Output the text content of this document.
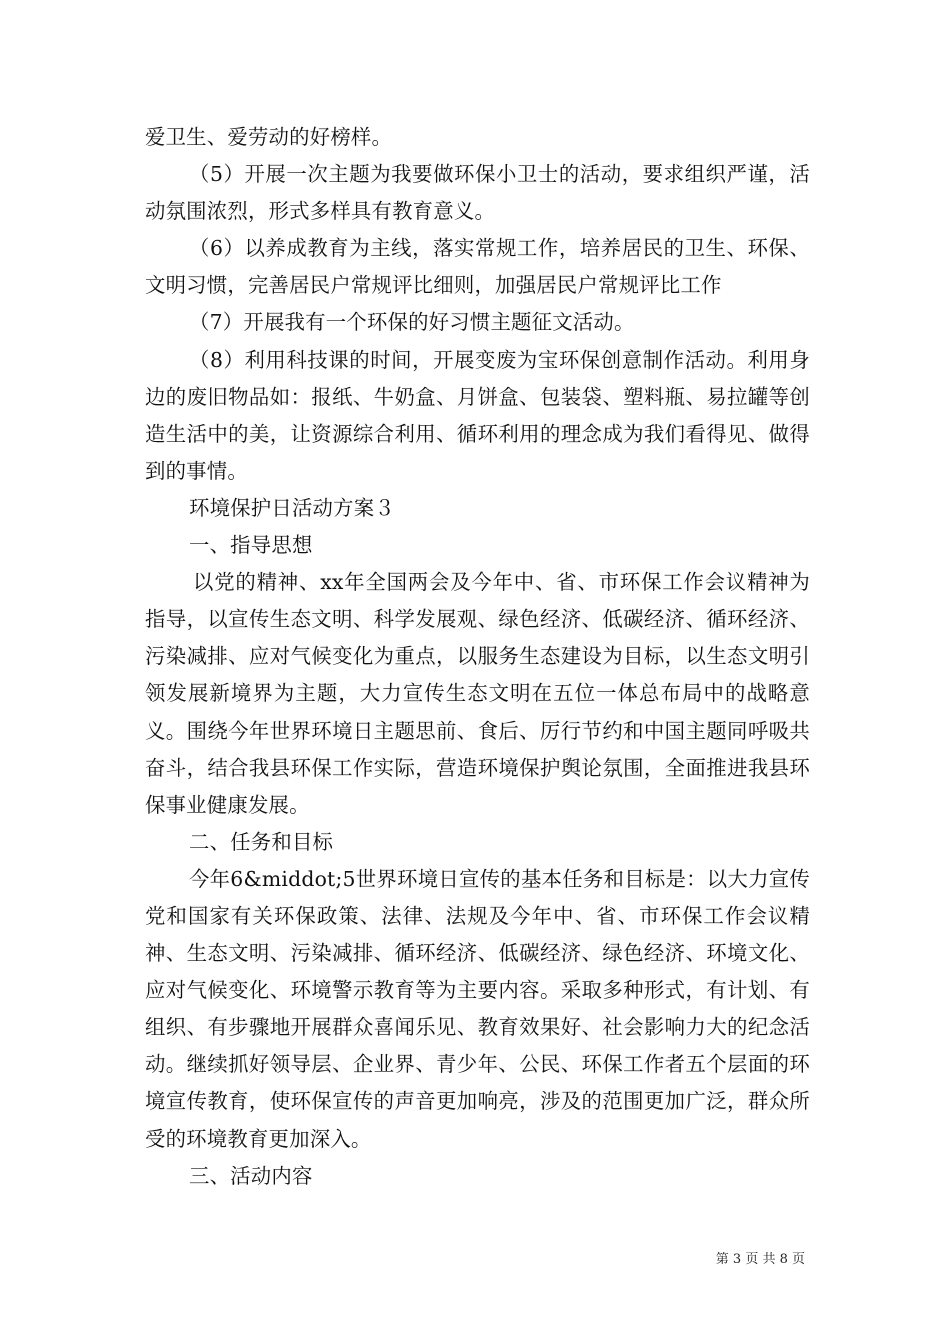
爱卫生、爱劳动的好榜样。

（5）开展一次主题为我要做环保小卫士的活动，要求组织严谨，活动氛围浓烈，形式多样具有教育意义。

（6）以养成教育为主线，落实常规工作，培养居民的卫生、环保、文明习惯，完善居民户常规评比细则，加强居民户常规评比工作

（7）开展我有一个环保的好习惯主题征文活动。

（8）利用科技课的时间，开展变废为宝环保创意制作活动。利用身边的废旧物品如：报纸、牛奶盒、月饼盒、包装袋、塑料瓶、易拉罐等创造生活中的美，让资源综合利用、循环利用的理念成为我们看得见、做得到的事情。

环境保护日活动方案３

一、指导思想

以党的精神、xx年全国两会及今年中、省、市环保工作会议精神为指导，以宣传生态文明、科学发展观、绿色经济、低碳经济、循环经济、污染减排、应对气候变化为重点，以服务生态建设为目标，以生态文明引领发展新境界为主题，大力宣传生态文明在五位一体总布局中的战略意义。围绕今年世界环境日主题思前、食后、厉行节约和中国主题同呼吸共奋斗，结合我县环保工作实际，营造环境保护舆论氛围，全面推进我县环保事业健康发展。

二、任务和目标

今年6&middot;5世界环境日宣传的基本任务和目标是：以大力宣传党和国家有关环保政策、法律、法规及今年中、省、市环保工作会议精神、生态文明、污染减排、循环经济、低碳经济、绿色经济、环境文化、应对气候变化、环境警示教育等为主要内容。采取多种形式，有计划、有组织、有步骤地开展群众喜闻乐见、教育效果好、社会影响力大的纪念活动。继续抓好领导层、企业界、青少年、公民、环保工作者五个层面的环境宣传教育，使环保宣传的声音更加响亮，涉及的范围更加广泛，群众所受的环境教育更加深入。

三、活动内容

第 3 页 共 8 页
